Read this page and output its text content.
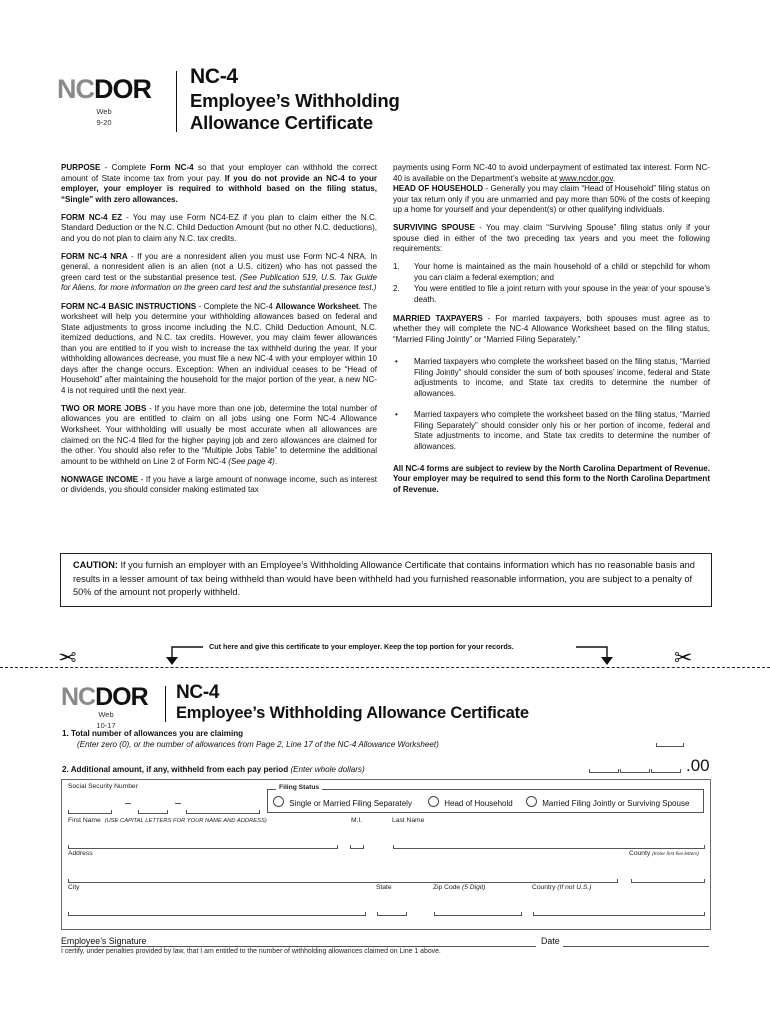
NCDOR
Web
9-20
NC-4
Employee’s Withholding
Allowance Certificate

PURPOSE - Complete Form NC-4 so that your employer can withhold the correct amount of State income tax from your pay. If you do not provide an NC-4 to your employer, your employer is required to withhold based on the filing status, “Single” with zero allowances.

FORM NC-4 EZ - You may use Form NC4-EZ if you plan to claim either the N.C. Standard Deduction or the N.C. Child Deduction Amount (but no other N.C. deductions), and you do not plan to claim any N.C. tax credits.

FORM NC-4 NRA - If you are a nonresident alien you must use Form NC-4 NRA. In general, a nonresident alien is an alien (not a U.S. citizen) who has not passed the green card test or the substantial presence test. (See Publication 519, U.S. Tax Guide for Aliens, for more information on the green card test and the substantial presence test.)

FORM NC-4 BASIC INSTRUCTIONS - Complete the NC-4 Allowance Worksheet. The worksheet will help you determine your withholding allowances based on federal and State adjustments to gross income including the N.C. Child Deduction Amount, N.C. itemized deductions, and N.C. tax credits. However, you may claim fewer allowances than you are entitled to if you wish to increase the tax withheld during the year. If your withholding allowances decrease, you must file a new NC-4 with your employer within 10 days after the change occurs. Exception: When an individual ceases to be “Head of Household” after maintaining the household for the major portion of the year, a new NC-4 is not required until the next year.

TWO OR MORE JOBS - If you have more than one job, determine the total number of allowances you are entitled to claim on all jobs using one Form NC-4 Allowance Worksheet. Your withholding will usually be most accurate when all allowances are claimed on the NC-4 filed for the higher paying job and zero allowances are claimed for the other. You should also refer to the “Multiple Jobs Table” to determine the additional amount to be withheld on Line 2 of Form NC-4 (See page 4).

NONWAGE INCOME - If you have a large amount of nonwage income, such as interest or dividends, you should consider making estimated tax

payments using Form NC-40 to avoid underpayment of estimated tax interest. Form NC-40 is available on the Department’s website at www.ncdor.gov.

HEAD OF HOUSEHOLD - Generally you may claim “Head of Household” filing status on your tax return only if you are unmarried and pay more than 50% of the costs of keeping up a home for yourself and your dependent(s) or other qualifying individuals.

SURVIVING SPOUSE - You may claim “Surviving Spouse” filing status only if your spouse died in either of the two preceding tax years and you meet the following requirements:

1. Your home is maintained as the main household of a child or stepchild for whom you can claim a federal exemption; and
2. You were entitled to file a joint return with your spouse in the year of your spouse’s death.

MARRIED TAXPAYERS - For married taxpayers, both spouses must agree as to whether they will complete the NC-4 Allowance Worksheet based on the filing status, “Married Filing Jointly” or “Married Filing Separately.”

• Married taxpayers who complete the worksheet based on the filing status, “Married Filing Jointly” should consider the sum of both spouses’ income, federal and State adjustments to income, and State tax credits to determine the number of allowances.
• Married taxpayers who complete the worksheet based on the filing status, “Married Filing Separately” should consider only his or her portion of income, federal and State adjustments to income, and State tax credits to determine the number of allowances.

All NC-4 forms are subject to review by the North Carolina Department of Revenue. Your employer may be required to send this form to the North Carolina Department of Revenue.

CAUTION: If you furnish an employer with an Employee’s Withholding Allowance Certificate that contains information which has no reasonable basis and results in a lesser amount of tax being withheld than would have been withheld had you furnished reasonable information, you are subject to a penalty of 50% of the amount not properly withheld.
Cut here and give this certificate to your employer. Keep the top portion for your records.
✂	✂
NCDOR
Web
10-17
NC-4
Employee’s Withholding Allowance Certificate
1. Total number of allowances you are claiming
(Enter zero (0), or the number of allowances from Page 2, Line 17 of the NC-4 Allowance Worksheet)
2. Additional amount, if any, withheld from each pay period (Enter whole dollars)	.00
Social Security Number	Filing Status
Single or Married Filing Separately	Head of Household	Married Filing Jointly or Surviving Spouse
First Name (USE CAPITAL LETTERS FOR YOUR NAME AND ADDRESS)	M.I.	Last Name
Address	County (Enter first five letters)
City	State	Zip Code (5 Digit)	Country (If not U.S.)
Employee’s Signature	Date
I certify, under penalties provided by law, that I am entitled to the number of withholding allowances claimed on Line 1 above.
